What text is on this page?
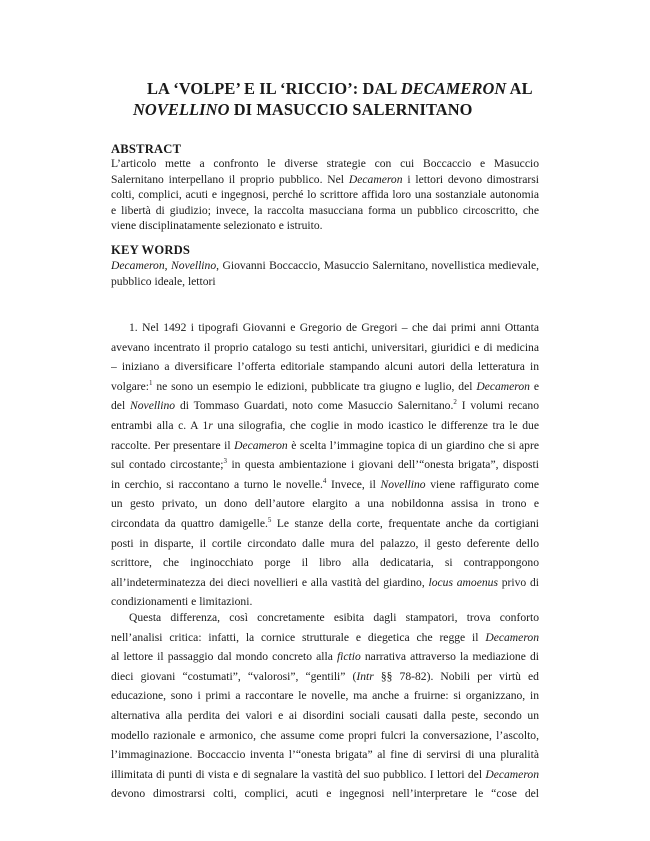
LA ‘VOLPE’ E IL ‘RICCIO’: DAL DECAMERON AL
NOVELLINO DI MASUCCIO SALERNITANO
ABSTRACT
L’articolo mette a confronto le diverse strategie con cui Boccaccio e Masuccio
Salernitano interpellano il proprio pubblico. Nel Decameron i lettori devono dimostrarsi
colti, complici, acuti e ingegnosi, perché lo scrittore affida loro una sostanziale autonomia
e libertà di giudizio; invece, la raccolta masucciana forma un pubblico circoscritto, che
viene disciplinatamente selezionato e istruito.
KEY WORDS
Decameron, Novellino, Giovanni Boccaccio, Masuccio Salernitano, novellistica medievale,
pubblico ideale, lettori
1. Nel 1492 i tipografi Giovanni e Gregorio de Gregori – che dai primi anni Ottanta
avevano incentrato il proprio catalogo su testi antichi, universitari, giuridici e di medicina
– iniziano a diversificare l’offerta editoriale stampando alcuni autori della letteratura in
volgare:$^1$ ne sono un esempio le edizioni, pubblicate tra giugno e luglio, del Decameron e
del Novellino di Tommaso Guardati, noto come Masuccio Salernitano.$^2$ I volumi recano
entrambi alla c. A 1r una silografia, che coglie in modo icastico le differenze tra le due
raccolte. Per presentare il Decameron è scelta l’immagine topica di un giardino che si apre
sul contado circostante;$^3$ in questa ambientazione i giovani dell’“onesta brigata”, disposti
in cerchio, si raccontano a turno le novelle.$^4$ Invece, il Novellino viene raffigurato come
un gesto privato, un dono dell’autore elargito a una nobildonna assisa in trono e
circondata da quattro damigelle.$^5$ Le stanze della corte, frequentate anche da cortigiani
posti in disparte, il cortile circondato dalle mura del palazzo, il gesto deferente dello
scrittore, che inginocchiato porge il libro alla dedicataria, si contrappongono
all’indeterminatezza dei dieci novellieri e alla vastità del giardino, locus amoenus privo di
condizionamenti e limitazioni.
Questa differenza, così concretamente esibita dagli stampatori, trova conforto
nell’analisi critica: infatti, la cornice strutturale e diegetica che regge il Decameron
al lettore il passaggio dal mondo concreto alla fictio narrativa attraverso la mediazione di
dieci giovani “costumati”, “valorosi”, “gentili” (Intr §§ 78-82). Nobili per virtù ed
educazione, sono i primi a raccontare le novelle, ma anche a fruirne: si organizzano, in
alternativa alla perdita dei valori e ai disordini sociali causati dalla peste, secondo un
modello razionale e armonico, che assume come propri fulcri la conversazione, l’ascolto,
l’immaginazione. Boccaccio inventa l’“onesta brigata” al fine di servirsi di una pluralità
illimitata di punti di vista e di segnalare la vastità del suo pubblico. I lettori del Decameron
devono dimostrarsi colti, complici, acuti e ingegnosi nell’interpretare le “cose del
